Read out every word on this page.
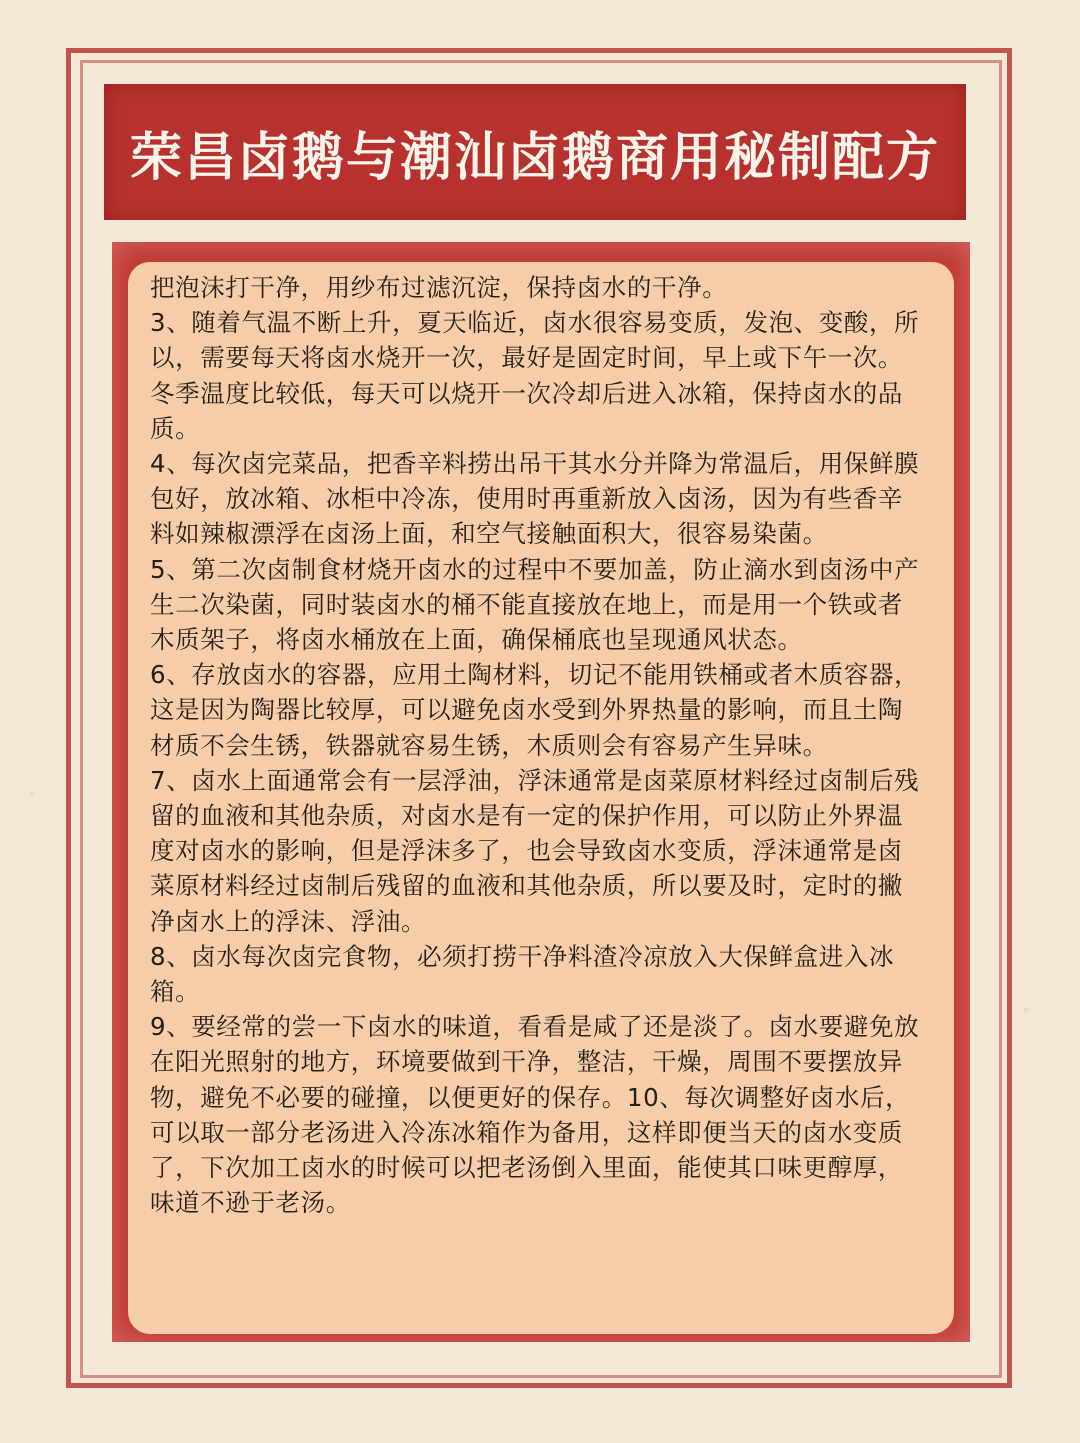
荣昌卤鹅与潮汕卤鹅商用秘制配方

把泡沫打干净，用纱布过滤沉淀，保持卤水的干净。

3、随着气温不断上升，夏天临近，卤水很容易变质，发泡、变酸，所以，需要每天将卤水烧开一次，最好是固定时间，早上或下午一次。冬季温度比较低，每天可以烧开一次冷却后进入冰箱，保持卤水的品质。

4、每次卤完菜品，把香辛料捞出吊干其水分并降为常温后，用保鲜膜包好，放冰箱、冰柜中冷冻，使用时再重新放入卤汤，因为有些香辛料如辣椒漂浮在卤汤上面，和空气接触面积大，很容易染菌。

5、第二次卤制食材烧开卤水的过程中不要加盖，防止滴水到卤汤中产生二次染菌，同时装卤水的桶不能直接放在地上，而是用一个铁或者木质架子，将卤水桶放在上面，确保桶底也呈现通风状态。

6、存放卤水的容器，应用土陶材料，切记不能用铁桶或者木质容器，这是因为陶器比较厚，可以避免卤水受到外界热量的影响，而且土陶材质不会生锈，铁器就容易生锈，木质则会有容易产生异味。

7、卤水上面通常会有一层浮油，浮沫通常是卤菜原材料经过卤制后残留的血液和其他杂质，对卤水是有一定的保护作用，可以防止外界温度对卤水的影响，但是浮沫多了，也会导致卤水变质，浮沫通常是卤菜原材料经过卤制后残留的血液和其他杂质，所以要及时，定时的撇净卤水上的浮沫、浮油。

8、卤水每次卤完食物，必须打捞干净料渣冷凉放入大保鲜盒进入冰箱。

9、要经常的尝一下卤水的味道，看看是咸了还是淡了。卤水要避免放在阳光照射的地方，环境要做到干净，整洁，干燥，周围不要摆放异物，避免不必要的碰撞，以便更好的保存。10、每次调整好卤水后，可以取一部分老汤进入冷冻冰箱作为备用，这样即便当天的卤水变质了，下次加工卤水的时候可以把老汤倒入里面，能使其口味更醇厚，味道不逊于老汤。
